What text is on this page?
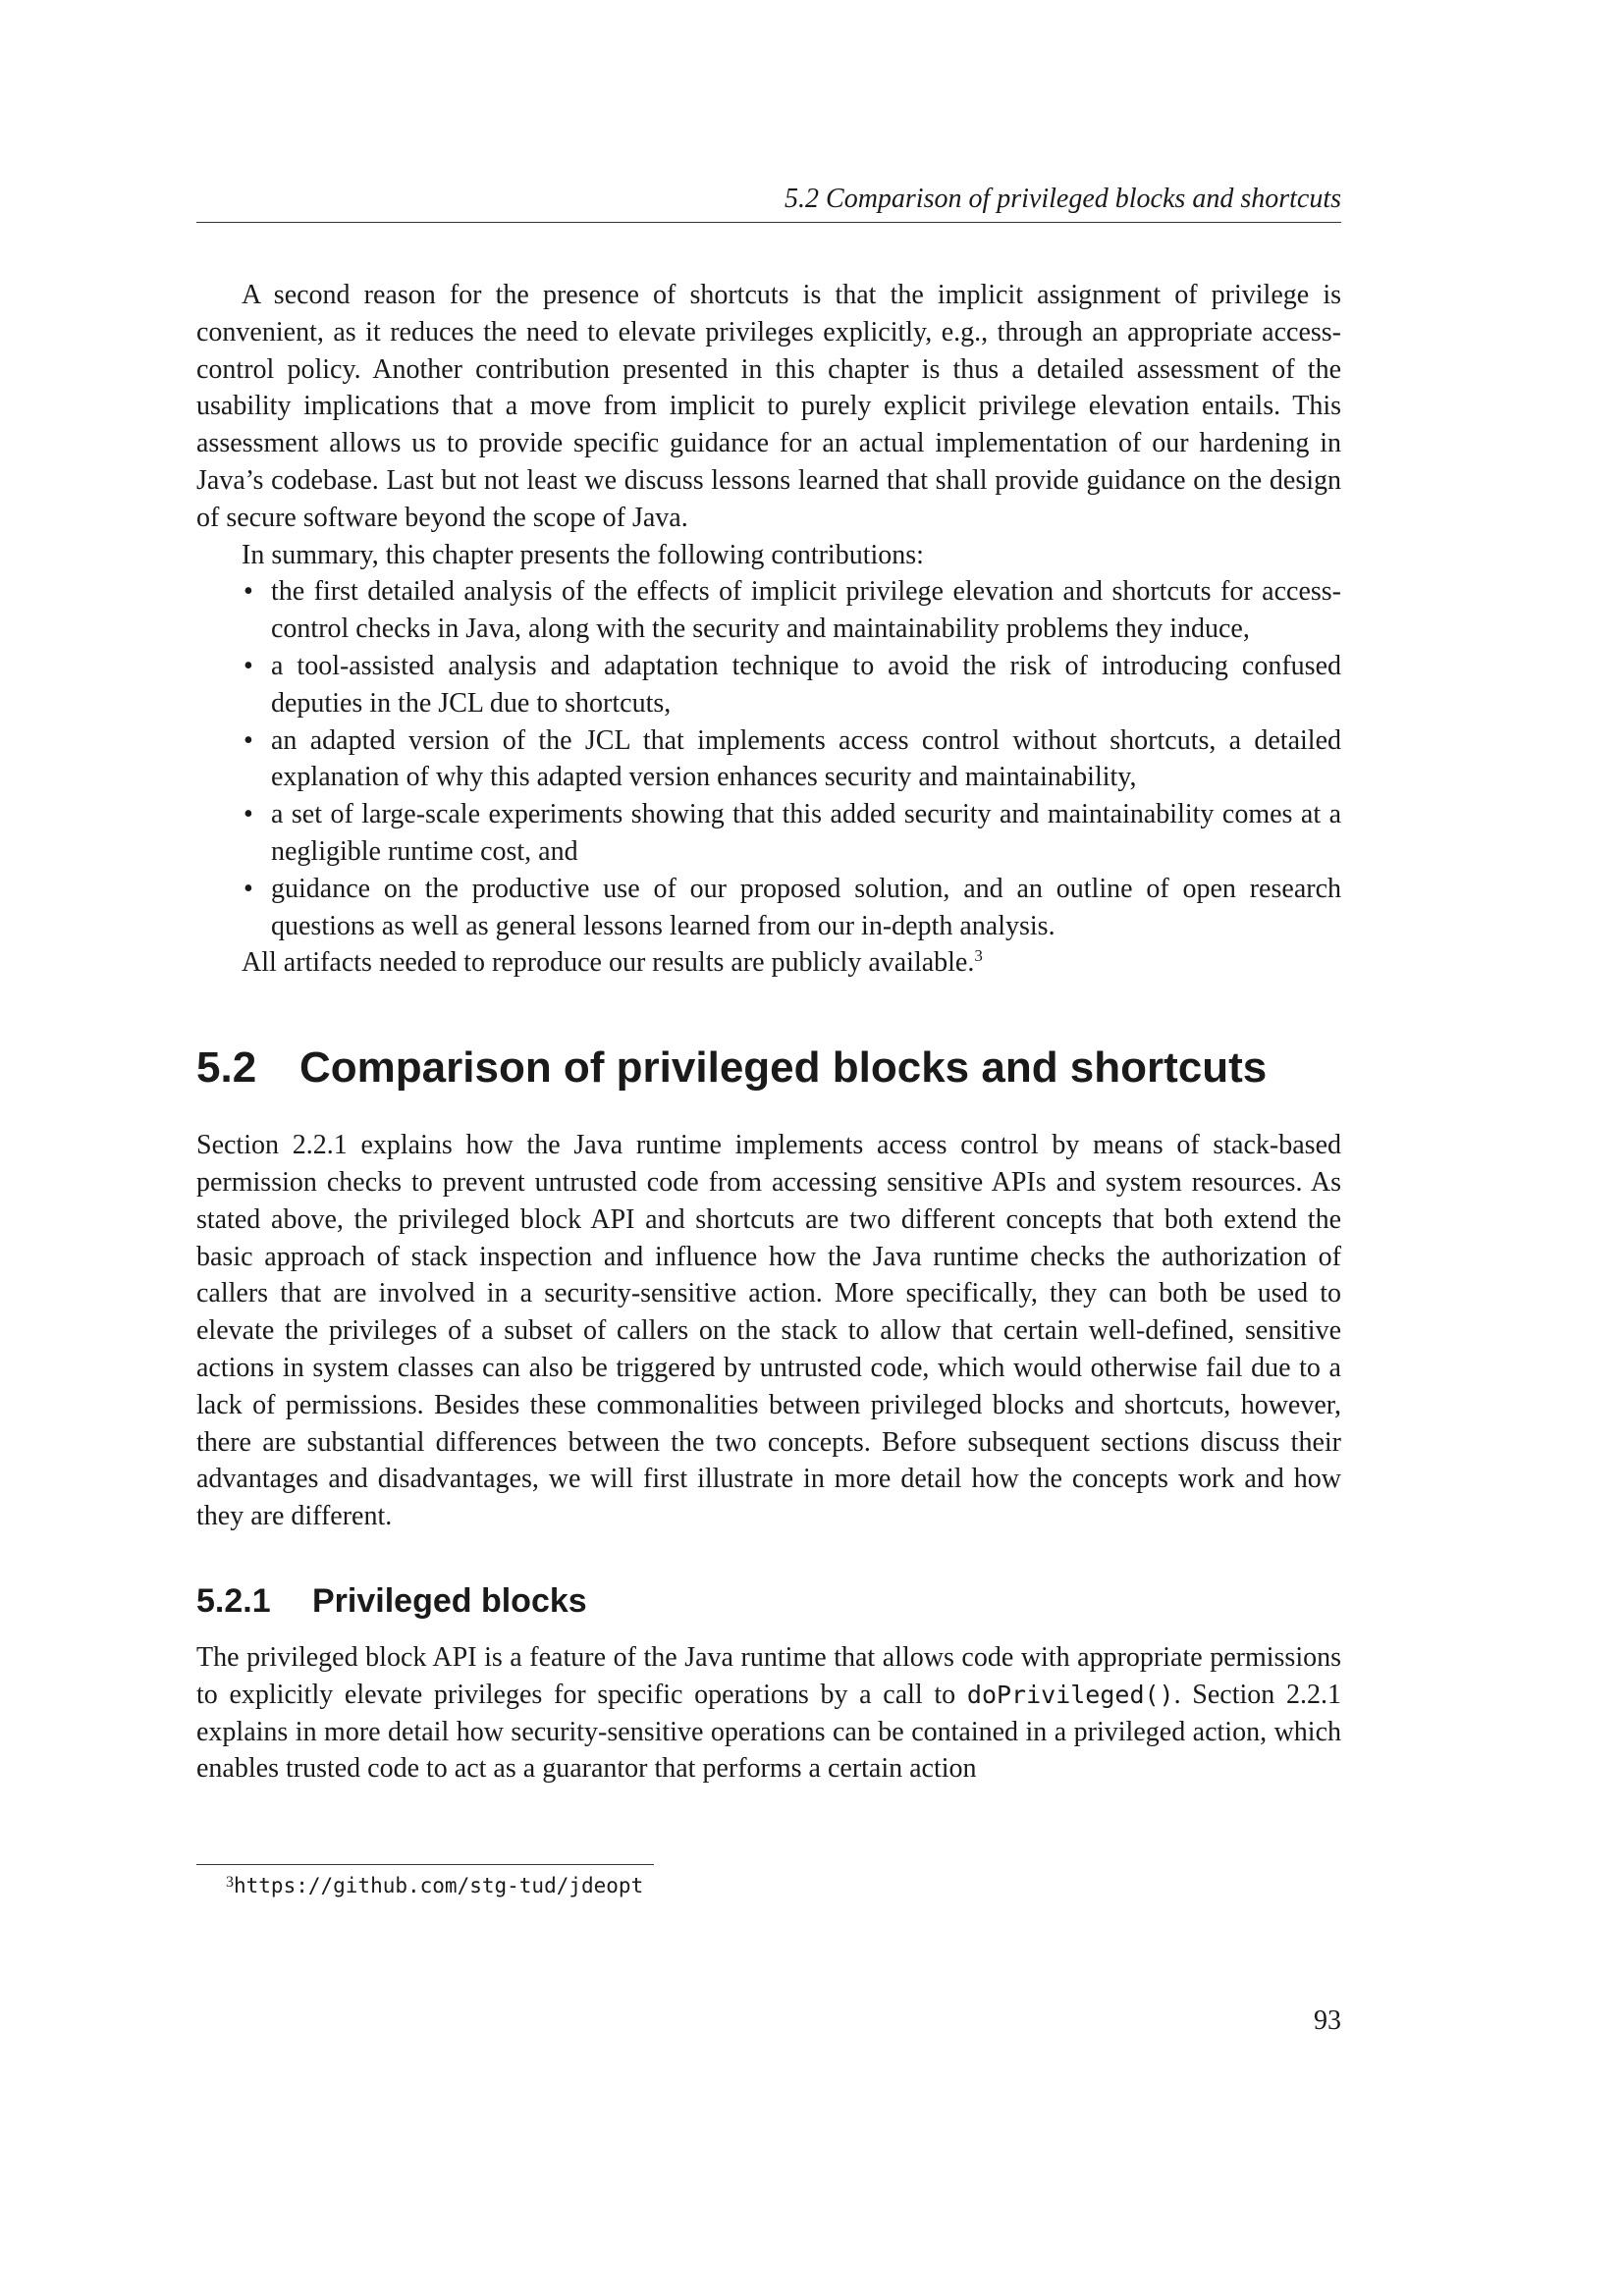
5.2 Comparison of privileged blocks and shortcuts

A second reason for the presence of shortcuts is that the implicit assignment of privilege is convenient, as it reduces the need to elevate privileges explicitly, e.g., through an appropriate access-control policy. Another contribution presented in this chapter is thus a detailed assessment of the usability implications that a move from implicit to purely explicit privilege elevation entails. This assessment allows us to provide specific guidance for an actual implementation of our hardening in Java’s codebase. Last but not least we discuss lessons learned that shall provide guidance on the design of secure software beyond the scope of Java.

In summary, this chapter presents the following contributions:

• the first detailed analysis of the effects of implicit privilege elevation and shortcuts for access-control checks in Java, along with the security and maintainability problems they induce,
• a tool-assisted analysis and adaptation technique to avoid the risk of introducing confused deputies in the JCL due to shortcuts,
• an adapted version of the JCL that implements access control without shortcuts, a detailed explanation of why this adapted version enhances security and maintainability,
• a set of large-scale experiments showing that this added security and maintainability comes at a negligible runtime cost, and
• guidance on the productive use of our proposed solution, and an outline of open research questions as well as general lessons learned from our in-depth analysis.

All artifacts needed to reproduce our results are publicly available.$^3$

5.2 Comparison of privileged blocks and shortcuts

Section 2.2.1 explains how the Java runtime implements access control by means of stack-based permission checks to prevent untrusted code from accessing sensitive APIs and system resources. As stated above, the privileged block API and shortcuts are two different concepts that both extend the basic approach of stack inspection and influence how the Java runtime checks the authorization of callers that are involved in a security-sensitive action. More specifically, they can both be used to elevate the privileges of a subset of callers on the stack to allow that certain well-defined, sensitive actions in system classes can also be triggered by untrusted code, which would otherwise fail due to a lack of permissions. Besides these commonalities between privileged blocks and shortcuts, however, there are substantial differences between the two concepts. Before subsequent sections discuss their advantages and disadvantages, we will first illustrate in more detail how the concepts work and how they are different.

5.2.1 Privileged blocks

The privileged block API is a feature of the Java runtime that allows code with appropriate permissions to explicitly elevate privileges for specific operations by a call to doPrivileged(). Section 2.2.1 explains in more detail how security-sensitive operations can be contained in a privileged action, which enables trusted code to act as a guarantor that performs a certain action

$^3$https://github.com/stg-tud/jdeopt
93
